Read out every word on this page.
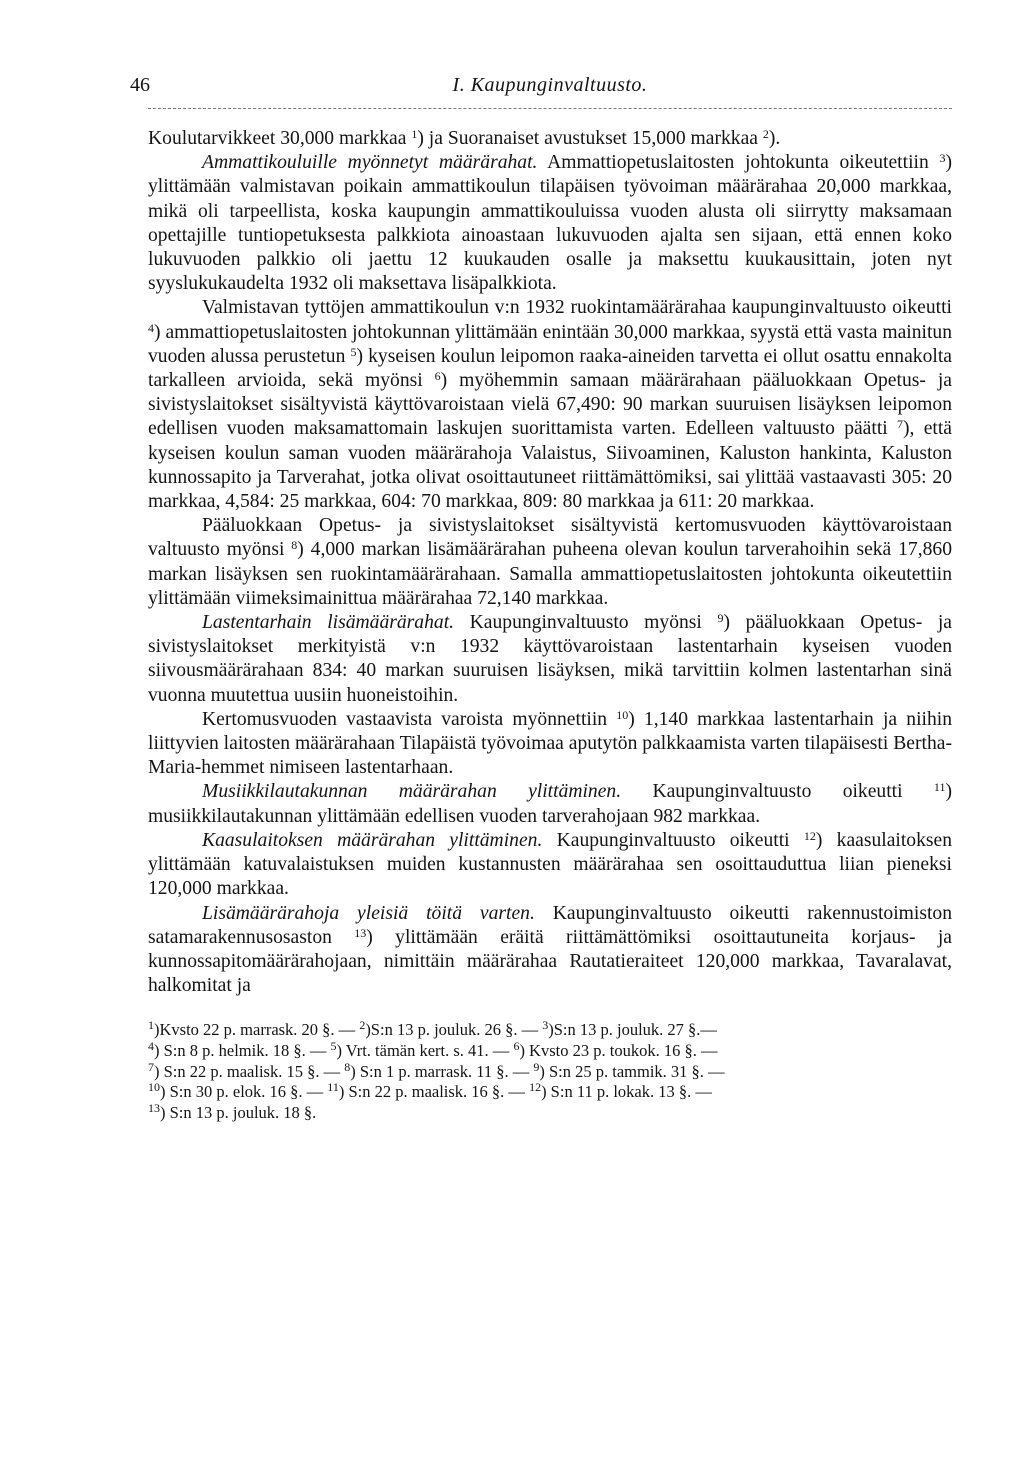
46	I. Kaupunginvaltuusto.

Koulutarvikkeet 30,000 markkaa $^1$) ja Suoranaiset avustukset 15,000 markkaa $^2$).

Ammattikouluille myönnetyt määrärahat. Ammattiopetuslaitosten johtokunta oikeutettiin $^3$) ylittämään valmistavan poikain ammattikoulun tilapäisen työvoiman määrärahaa 20,000 markkaa, mikä oli tarpeellista, koska kaupungin ammattikouluissa vuoden alusta oli siirrytty maksamaan opettajille tuntiopetuksesta palkkiota ainoastaan lukuvuoden ajalta sen sijaan, että ennen koko lukuvuoden palkkio oli jaettu 12 kuukauden osalle ja maksettu kuukausittain, joten nyt syyslukukaudelta 1932 oli maksettava lisäpalkkiota.

Valmistavan tyttöjen ammattikoulun v:n 1932 ruokintamäärärahaa kaupunginvaltuusto oikeutti $^4$) ammattiopetuslaitosten johtokunnan ylittämään enintään 30,000 markkaa, syystä että vasta mainitun vuoden alussa perustetun $^5$) kyseisen koulun leipomon raaka-aineiden tarvetta ei ollut osattu ennakolta tarkalleen arvioida, sekä myönsi $^6$) myöhemmin samaan määrärahaan pääluokkaan Opetus- ja sivistyslaitokset sisältyvistä käyttövaroistaan vielä 67,490: 90 markan suuruisen lisäyksen leipomon edellisen vuoden maksamattomain laskujen suorittamista varten. Edelleen valtuusto päätti $^7$), että kyseisen koulun saman vuoden määrärahoja Valaistus, Siivoaminen, Kaluston hankinta, Kaluston kunnossapito ja Tarverahat, jotka olivat osoittautuneet riittämättömiksi, sai ylittää vastaavasti 305: 20 markkaa, 4,584: 25 markkaa, 604: 70 markkaa, 809: 80 markkaa ja 611: 20 markkaa.

Pääluokkaan Opetus- ja sivistyslaitokset sisältyvistä kertomusvuoden käyttövaroistaan valtuusto myönsi $^8$) 4,000 markan lisämäärärahan puheena olevan koulun tarverahoihin sekä 17,860 markan lisäyksen sen ruokintamäärärahaan. Samalla ammattiopetuslaitosten johtokunta oikeutettiin ylittämään viimeksimainittua määrärahaa 72,140 markkaa.

Lastentarhain lisämäärärahat. Kaupunginvaltuusto myönsi $^9$) pääluokkaan Opetus- ja sivistyslaitokset merkityistä v:n 1932 käyttövaroistaan lastentarhain kyseisen vuoden siivousmäärärahaan 834: 40 markan suuruisen lisäyksen, mikä tarvittiin kolmen lastentarhan sinä vuonna muutettua uusiin huoneistoihin.

Kertomusvuoden vastaavista varoista myönnettiin $^{10}$) 1,140 markkaa lastentarhain ja niihin liittyvien laitosten määrärahaan Tilapäistä työvoimaa aputytön palkkaamista varten tilapäisesti Bertha-Maria-hemmet nimiseen lastentarhaan.

Musiikkilautakunnan määrärahan ylittäminen. Kaupunginvaltuusto oikeutti $^{11}$) musiikkilautakunnan ylittämään edellisen vuoden tarverahojaan 982 markkaa.

Kaasulaitoksen määrärahan ylittäminen. Kaupunginvaltuusto oikeutti $^{12}$) kaasulaitoksen ylittämään katuvalaistuksen muiden kustannusten määrärahaa sen osoittauduttua liian pieneksi 120,000 markkaa.

Lisämäärärahoja yleisiä töitä varten. Kaupunginvaltuusto oikeutti rakennustoimiston satamarakennusosaston $^{13}$) ylittämään eräitä riittämättömiksi osoittautuneita korjaus- ja kunnossapitomäärärahojaan, nimittäin määrärahaa Rautatieraiteet 120,000 markkaa, Tavaralavat, halkomitat ja

$^1$)Kvsto 22 p. marrask. 20 §. — $^2$)S:n 13 p. jouluk. 26 §. — $^3$)S:n 13 p. jouluk. 27 §.—

$^4$) S:n 8 p. helmik. 18 §. — $^5$) Vrt. tämän kert. s. 41. — $^6$) Kvsto 23 p. toukok. 16 §. —

$^7$) S:n 22 p. maalisk. 15 §. — $^8$) S:n 1 p. marrask. 11 §. — $^9$) S:n 25 p. tammik. 31 §. —

$^{10}$) S:n 30 p. elok. 16 §. — $^{11}$) S:n 22 p. maalisk. 16 §. — $^{12}$) S:n 11 p. lokak. 13 §. —

$^{13}$) S:n 13 p. jouluk. 18 §.
